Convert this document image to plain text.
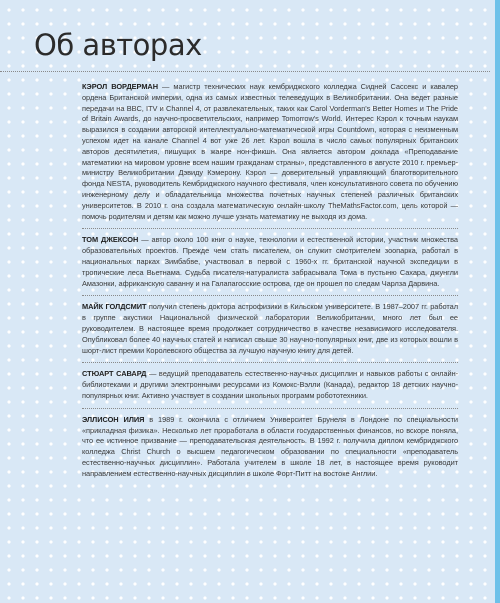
Об авторах

КЭРОЛ ВОРДЕРМАН — магистр технических наук кембриджского колледжа Сидней Сассекс и кавалер ордена Британской империи, одна из самых известных телеведущих в Великобритании. Она ведет разные передачи на BBC, ITV и Channel 4, от развлекательных, таких как Carol Vorderman's Better Homes и The Pride of Britain Awards, до научно-просветительских, например Tomorrow's World. Интерес Кэрол к точным наукам выразился в создании авторской интеллектуально-математической игры Countdown, которая с неизменным успехом идет на канале Channel 4 вот уже 26 лет. Кэрол вошла в число самых популярных британских авторов десятилетия, пишущих в жанре нон-фикшн. Она является автором доклада «Преподавание математики на мировом уровне всем нашим гражданам страны», представленного в августе 2010 г. премьер-министру Великобритании Дэвиду Кэмерону. Кэрол — доверительный управляющий благотворительного фонда NESTA, руководитель Кембриджского научного фестиваля, член консультативного совета по обучению инженерному делу и обладательница множества почетных научных степеней различных британских университетов. В 2010 г. она создала математическую онлайн-школу TheMathsFactor.com, цель которой — помочь родителям и детям как можно лучше узнать математику не выходя из дома.

ТОМ ДЖЕКСОН — автор около 100 книг о науке, технологии и естественной истории, участник множества образовательных проектов. Прежде чем стать писателем, он служит смотрителем зоопарка, работал в национальных парках Зимбабве, участвовал в первой с 1960-х гг. британской научной экспедиции в тропические леса Вьетнама. Судьба писателя-натуралиста забрасывала Тома в пустыню Сахара, джунгли Амазонки, африканскую саванну и на Галапагосские острова, где он прошел по следам Чарлза Дарвина.

МАЙК ГОЛДСМИТ получил степень доктора астрофизики в Кильском университете. В 1987–2007 гг. работал в группе акустики Национальной физической лаборатории Великобритании, много лет был ее руководителем. В настоящее время продолжает сотрудничество в качестве независимого исследователя. Опубликовал более 40 научных статей и написал свыше 30 научно-популярных книг, две из которых вошли в шорт-лист премии Королевского общества за лучшую научную книгу для детей.

СТЮАРТ САВАРД — ведущий преподаватель естественно-научных дисциплин и навыков работы с онлайн-библиотеками и другими электронными ресурсами из Комокс-Вэлли (Канада), редактор 18 детских научно-популярных книг. Активно участвует в создании школьных программ робототехники.

ЭЛЛИСОН ИЛИЯ в 1989 г. окончила с отличием Университет Брунеля в Лондоне по специальности «прикладная физика». Несколько лет проработала в области государственных финансов, но вскоре поняла, что ее истинное призвание — преподавательская деятельность. В 1992 г. получила диплом кембриджского колледжа Christ Church о высшем педагогическом образовании по специальности «преподаватель естественно-научных дисциплин». Работала учителем в школе 18 лет, в настоящее время руководит направлением естественно-научных дисциплин в школе Форт-Питт на востоке Англии.
